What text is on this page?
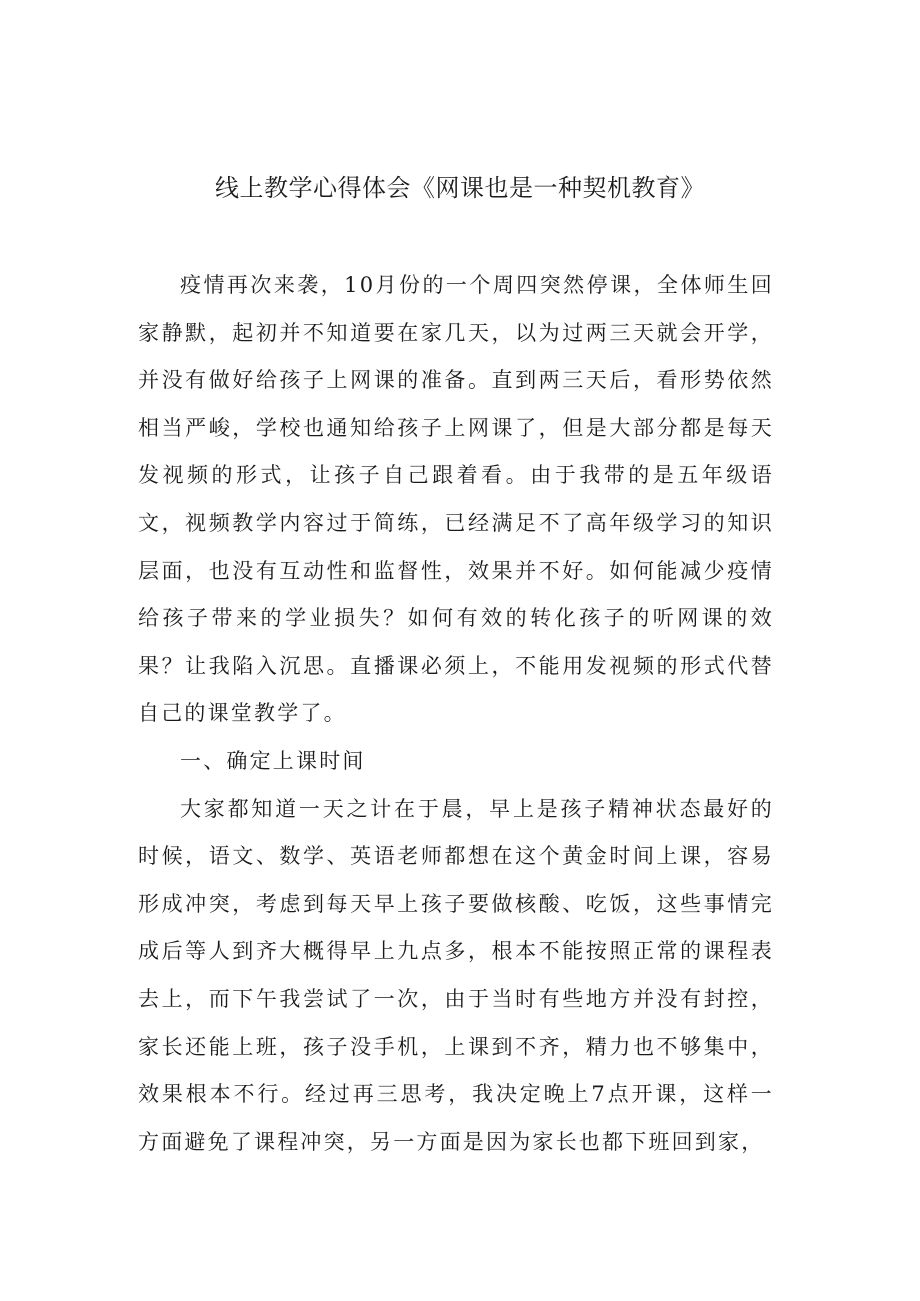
线上教学心得体会《网课也是一种契机教育》

疫情再次来袭，10月份的一个周四突然停课，全体师生回家静默，起初并不知道要在家几天，以为过两三天就会开学，并没有做好给孩子上网课的准备。直到两三天后，看形势依然相当严峻，学校也通知给孩子上网课了，但是大部分都是每天发视频的形式，让孩子自己跟着看。由于我带的是五年级语文，视频教学内容过于简练，已经满足不了高年级学习的知识层面，也没有互动性和监督性，效果并不好。如何能减少疫情给孩子带来的学业损失？如何有效的转化孩子的听网课的效果？让我陷入沉思。直播课必须上，不能用发视频的形式代替自己的课堂教学了。

一、确定上课时间

大家都知道一天之计在于晨，早上是孩子精神状态最好的时候，语文、数学、英语老师都想在这个黄金时间上课，容易形成冲突，考虑到每天早上孩子要做核酸、吃饭，这些事情完成后等人到齐大概得早上九点多，根本不能按照正常的课程表去上，而下午我尝试了一次，由于当时有些地方并没有封控，家长还能上班，孩子没手机，上课到不齐，精力也不够集中，效果根本不行。经过再三思考，我决定晚上7点开课，这样一方面避免了课程冲突，另一方面是因为家长也都下班回到家，
